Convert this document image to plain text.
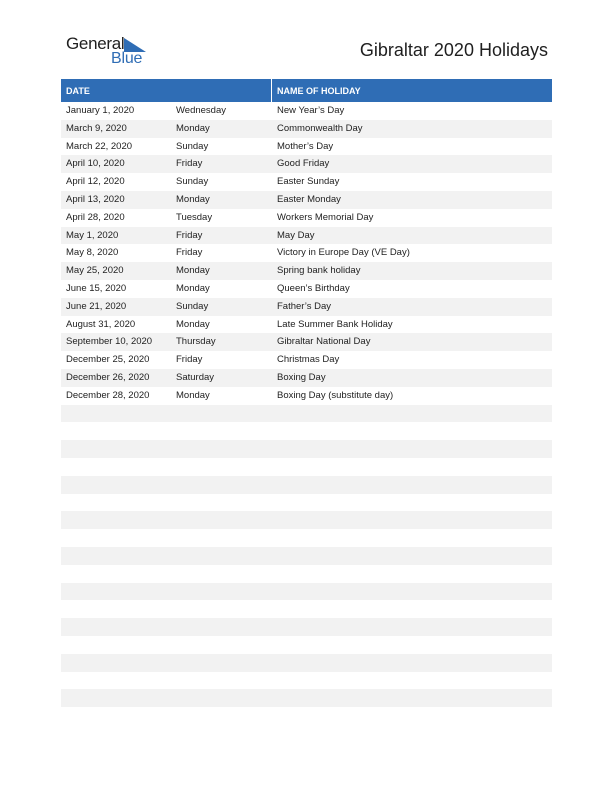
General
Blue	Gibraltar 2020 Holidays
DATE	NAME OF HOLIDAY
January 1, 2020	Wednesday	New Year’s Day
March 9, 2020	Monday	Commonwealth Day
March 22, 2020	Sunday	Mother’s Day
April 10, 2020	Friday	Good Friday
April 12, 2020	Sunday	Easter Sunday
April 13, 2020	Monday	Easter Monday
April 28, 2020	Tuesday	Workers Memorial Day
May 1, 2020	Friday	May Day
May 8, 2020	Friday	Victory in Europe Day (VE Day)
May 25, 2020	Monday	Spring bank holiday
June 15, 2020	Monday	Queen’s Birthday
June 21, 2020	Sunday	Father’s Day
August 31, 2020	Monday	Late Summer Bank Holiday
September 10, 2020	Thursday	Gibraltar National Day
December 25, 2020	Friday	Christmas Day
December 26, 2020	Saturday	Boxing Day
December 28, 2020	Monday	Boxing Day (substitute day)
